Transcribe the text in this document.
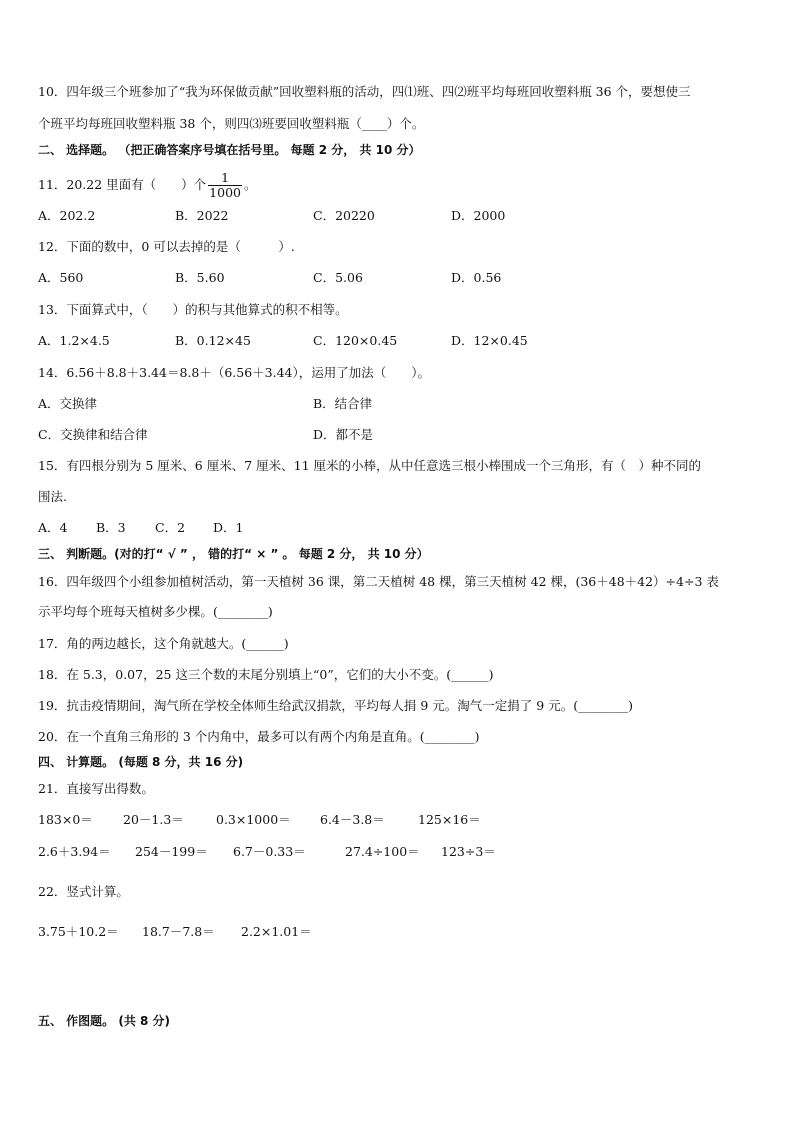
10．四年级三个班参加了“我为环保做贡献”回收塑料瓶的活动，四⑴班、四⑵班平均每班回收塑料瓶 36 个，要想使三
个班平均每班回收塑料瓶 38 个，则四⑶班要回收塑料瓶（____）个。
二、 选择题。 （把正确答案序号填在括号里。 每题 2 分， 共 10 分）
11．20.22 里面有（　　）个 $\frac{1}{1000}$ 。
A．202.2	B．2022	C．20220	D．2000
12．下面的数中，0 可以去掉的是（　　　）.
A．560	B．5.60	C．5.06	D．0.56
13．下面算式中，（　　）的积与其他算式的积不相等。
A．1.2×4.5	B．0.12×45	C．120×0.45	D．12×0.45
14．6.56＋8.8＋3.44＝8.8＋（6.56＋3.44），运用了加法（　　）。
A．交换律	B．结合律
C．交换律和结合律	D．都不是
15．有四根分别为 5 厘米、6 厘米、7 厘米、11 厘米的小棒，从中任意选三根小棒围成一个三角形，有（　）种不同的
围法.
A．4 B．3 C．2 D．1
三、 判断题。(对的打“ √ ” ， 错的打“ × ” 。 每题 2 分， 共 10 分）
16．四年级四个小组参加植树活动，第一天植树 36 课，第二天植树 48 棵，第三天植树 42 棵，(36＋48＋42）÷4÷3 表
示平均每个班每天植树多少棵。(________)
17．角的两边越长，这个角就越大。(______)
18．在 5.3，0.07，25 这三个数的末尾分别填上“0”，它们的大小不变。(______)
19．抗击疫情期间，淘气所在学校全体师生给武汉捐款，平均每人捐 9 元。淘气一定捐了 9 元。(________)
20．在一个直角三角形的 3 个内角中，最多可以有两个内角是直角。(________)
四、 计算题。 (每题 8 分，共 16 分)
21．直接写出得数。
183×0＝ 20－1.3＝	0.3×1000＝ 6.4－3.8＝	125×16＝
2.6＋3.94＝ 254－199＝ 6.7－0.33＝	27.4÷100＝ 123÷3＝
22．竖式计算。
3.75＋10.2＝ 18.7－7.8＝ 2.2×1.01＝
五、 作图题。 (共 8 分)
